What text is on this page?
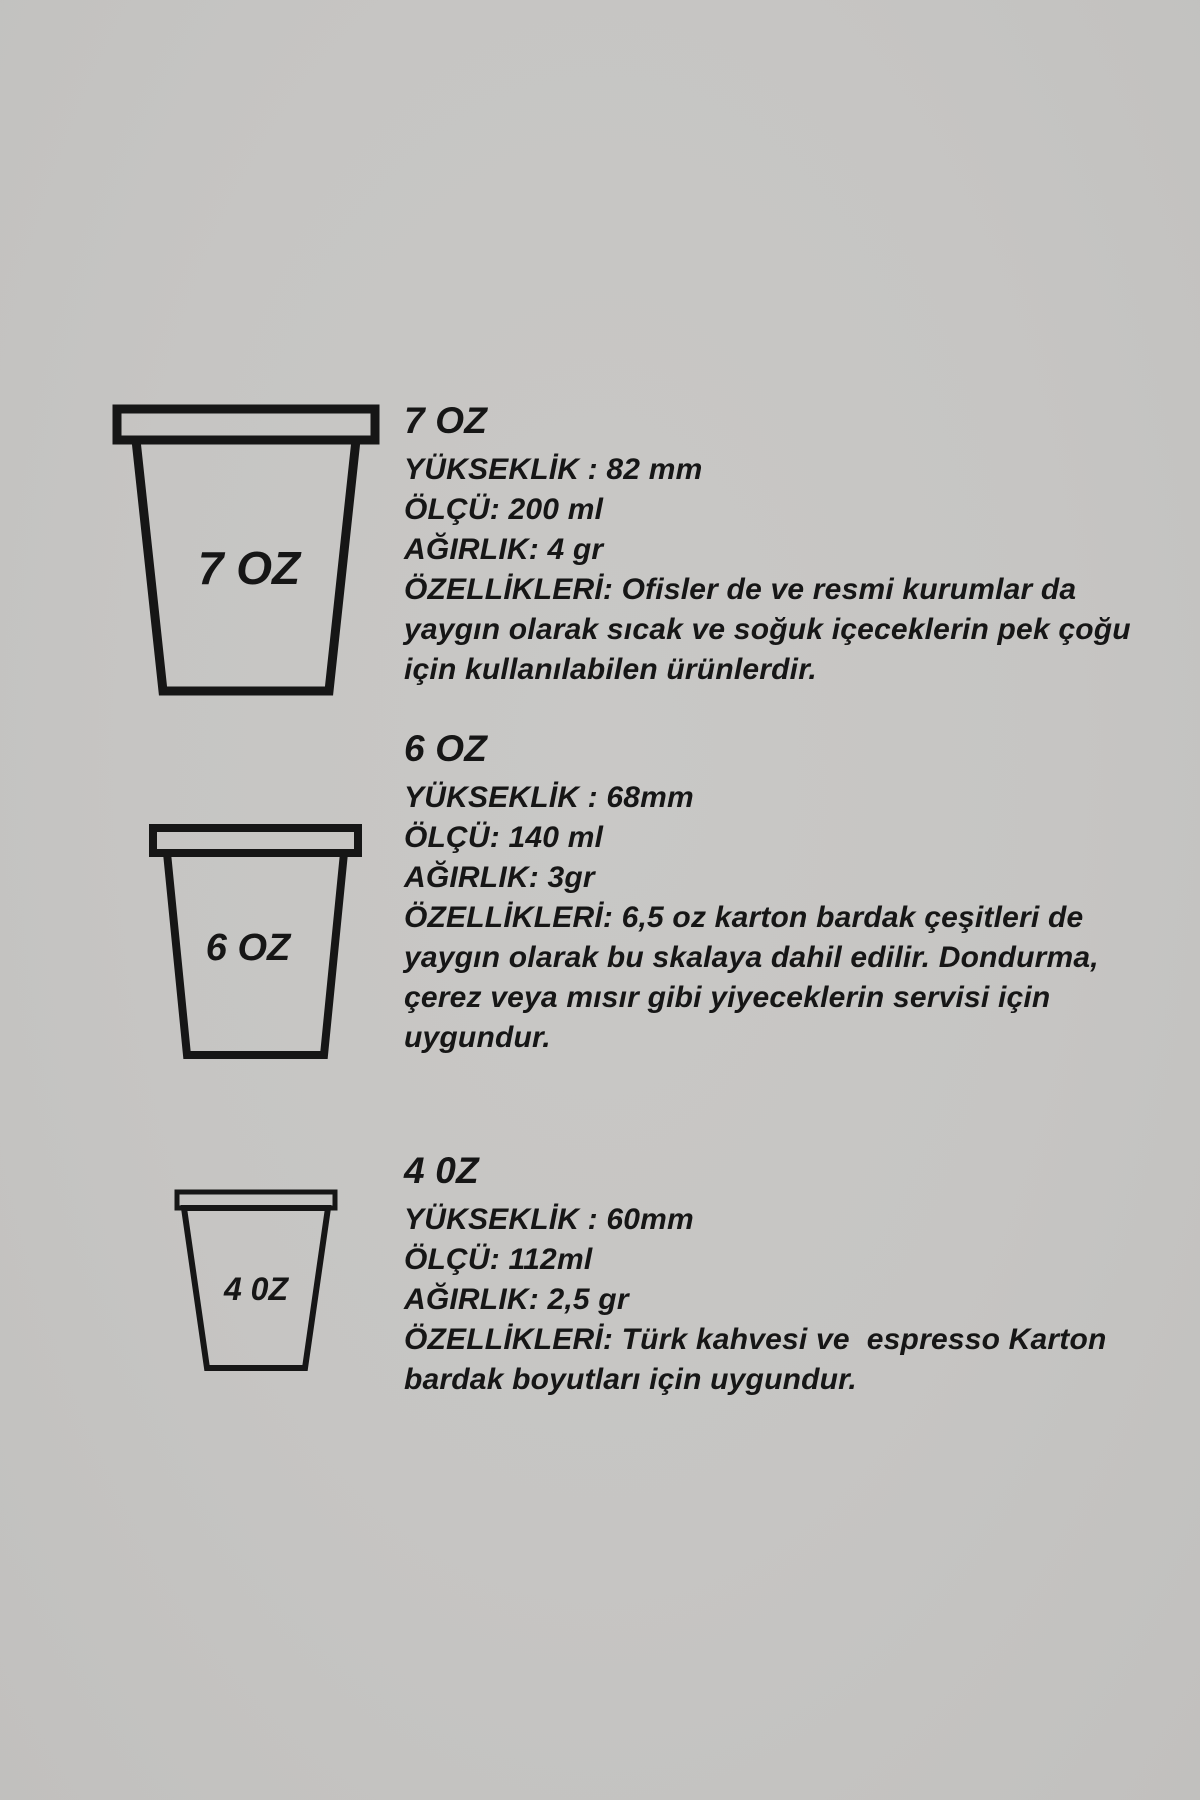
7 OZ
7 OZ
YÜKSEKLİK : 82 mm
ÖLÇÜ: 200 ml
AĞIRLIK: 4 gr
ÖZELLİKLERİ: Ofisler de ve resmi kurumlar da
yaygın olarak sıcak ve soğuk içeceklerin pek çoğu
için kullanılabilen ürünlerdir.
6 OZ
6 OZ
YÜKSEKLİK : 68mm
ÖLÇÜ: 140 ml
AĞIRLIK: 3gr
ÖZELLİKLERİ: 6,5 oz karton bardak çeşitleri de
yaygın olarak bu skalaya dahil edilir. Dondurma,
çerez veya mısır gibi yiyeceklerin servisi için
uygundur.
4 0Z
4 0Z
YÜKSEKLİK : 60mm
ÖLÇÜ: 112ml
AĞIRLIK: 2,5 gr
ÖZELLİKLERİ: Türk kahvesi ve  espresso Karton
bardak boyutları için uygundur.
